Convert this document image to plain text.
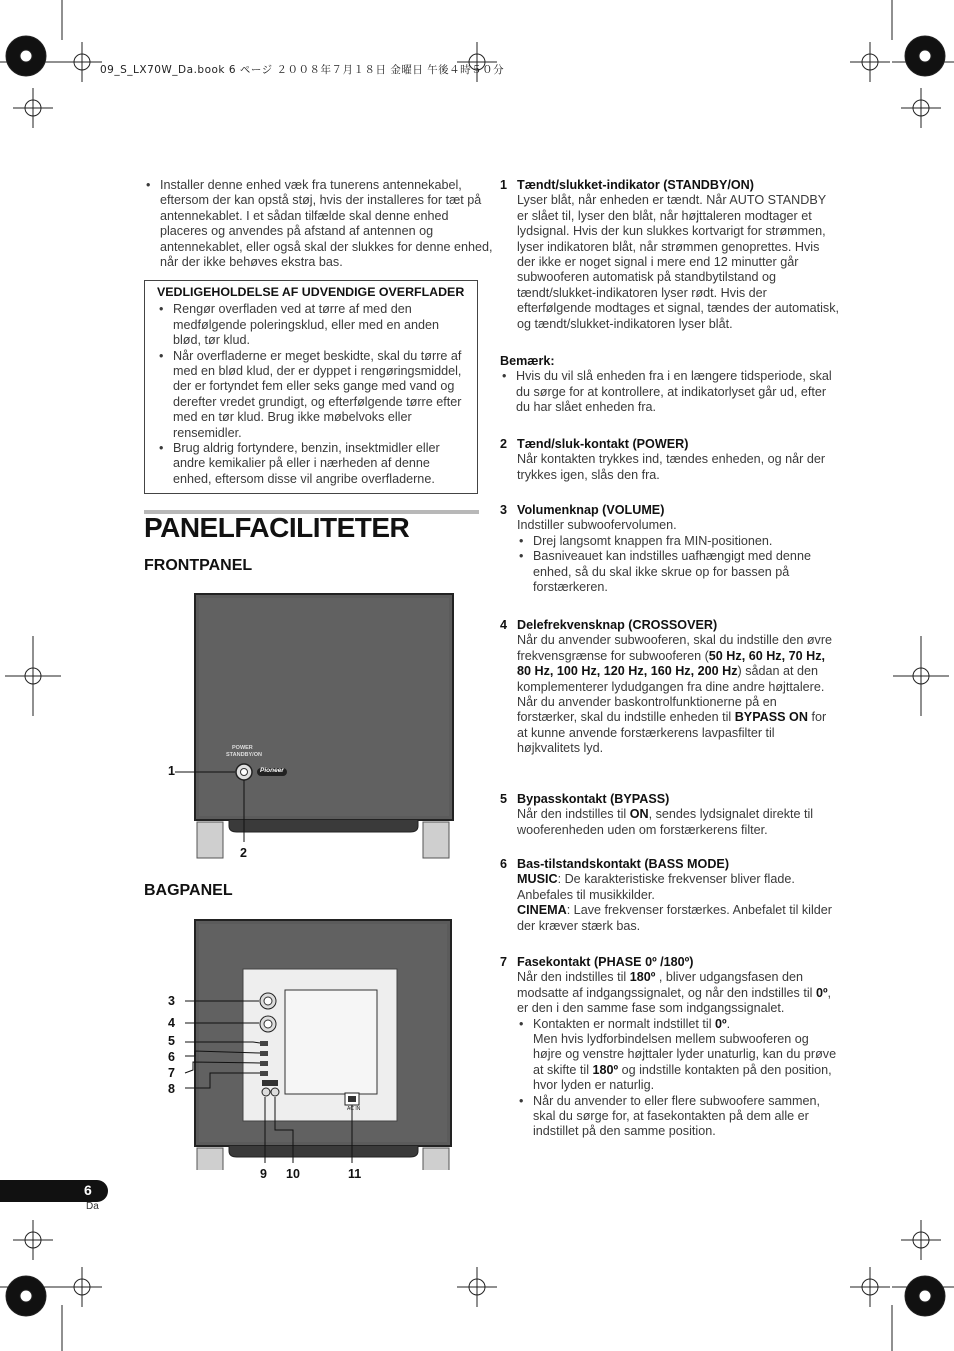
09_S_LX70W_Da.book 6 ページ ２００８年７月１８日 金曜日 午後４時５０分

• Installer denne enhed væk fra tunerens antennekabel, eftersom der kan opstå støj, hvis der installeres for tæt på antennekablet. I et sådan tilfælde skal denne enhed placeres og anvendes på afstand af antennen og antennekablet, eller også skal der slukkes for denne enhed, når der ikke behøves ekstra bas.

VEDLIGEHOLDELSE AF UDVENDIGE OVERFLADER

• Rengør overfladen ved at tørre af med den medfølgende poleringsklud, eller med en anden blød, tør klud.

• Når overfladerne er meget beskidte, skal du tørre af med en blød klud, der er dyppet i rengøringsmiddel, der er fortyndet fem eller seks gange med vand og derefter vredet grundigt, og efterfølgende tørre efter med en tør klud. Brug ikke møbelvoks eller rensemidler.

• Brug aldrig fortyndere, benzin, insektmidler eller andre kemikalier på eller i nærheden af denne enhed, eftersom disse vil angribe overfladerne.

PANELFACILITETER
FRONTPANEL
POWER
STANDBY/ON
Pioneer
1
2
BAGPANEL
AC IN
3
4
5
6
7
8
9 10	11
1 Tændt/slukket-indikator (STANDBY/ON)
Lyser blåt, når enheden er tændt. Når AUTO STANDBY er slået til, lyser den blåt, når højttaleren modtager et lydsignal. Hvis der kun slukkes kortvarigt for strømmen, lyser indikatoren blåt, når strømmen genoprettes. Hvis der ikke er noget signal i mere end 12 minutter går subwooferen automatisk på standbytilstand og tændt/slukket-indikatoren lyser rødt. Hvis der efterfølgende modtages et signal, tændes der automatisk, og tændt/slukket-indikatoren lyser blåt.
Bemærk:

• Hvis du vil slå enheden fra i en længere tidsperiode, skal du sørge for at kontrollere, at indikatorlyset går ud, efter du har slået enheden fra.

2 Tænd/sluk-kontakt (POWER)
Når kontakten trykkes ind, tændes enheden, og når der trykkes igen, slås den fra.
3 Volumenknap (VOLUME)
Indstiller subwoofervolumen.

• Drej langsomt knappen fra MIN-positionen.

• Basniveauet kan indstilles uafhængigt med denne enhed, så du skal ikke skrue op for bassen på forstærkeren.

4 Delefrekvensknap (CROSSOVER)
Når du anvender subwooferen, skal du indstille den øvre frekvensgrænse for subwooferen (50 Hz, 60 Hz, 70 Hz, 80 Hz, 100 Hz, 120 Hz, 160 Hz, 200 Hz) sådan at den komplementerer lydudgangen fra dine andre højttalere.
Når du anvender baskontrolfunktionerne på en forstærker, skal du indstille enheden til BYPASS ON for at kunne anvende forstærkerens lavpasfilter til højkvalitets lyd.
5 Bypasskontakt (BYPASS)
Når den indstilles til ON, sendes lydsignalet direkte til wooferenheden uden om forstærkerens filter.
6 Bas-tilstandskontakt (BASS MODE)
MUSIC: De karakteristiske frekvenser bliver flade. Anbefales til musikkilder.
CINEMA: Lave frekvenser forstærkes. Anbefalet til kilder der kræver stærk bas.
7 Fasekontakt (PHASE 0º /180º)
Når den indstilles til 180º , bliver udgangsfasen den modsatte af indgangssignalet, og når den indstilles til 0º, er den i den samme fase som indgangssignalet.

• Kontakten er normalt indstillet til 0º.
Men hvis lydforbindelsen mellem subwooferen og højre og venstre højttaler lyder unaturlig, kan du prøve at skifte til 180º og indstille kontakten på den position, hvor lyden er naturlig.

• Når du anvender to eller flere subwoofere sammen, skal du sørge for, at fasekontakten på dem alle er indstillet på den samme position.

6
Da
